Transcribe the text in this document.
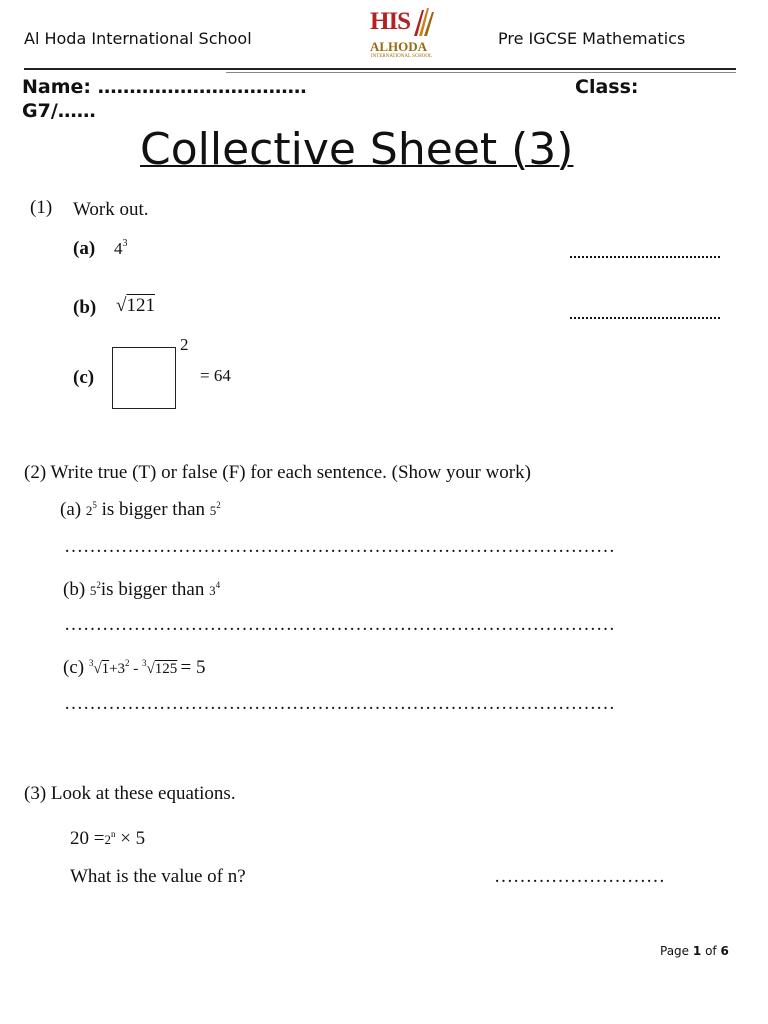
Al Hoda International School
HIS
ALHODA
INTERNATIONAL SCHOOL
Pre IGCSE Mathematics
Name: ……………………………	Class:
G7/……
Collective Sheet (3)
(1) Work out.
(a) $4^3$
(b) √121
(c)
2
= 64
(2) Write true (T) or false (F) for each sentence. (Show your work)
(a) $2^5$ is bigger than $5^2$
……………………………………………………………………………
(b) $5^2is$ bigger than $3^4$
……………………………………………………………………………
(c) $^3√1+3^2 - ^3√125 = 5$
……………………………………………………………………………
(3) Look at these equations.
$20 =2^n \times 5$
What is the value of n?	………………………
Page 1 of 6
